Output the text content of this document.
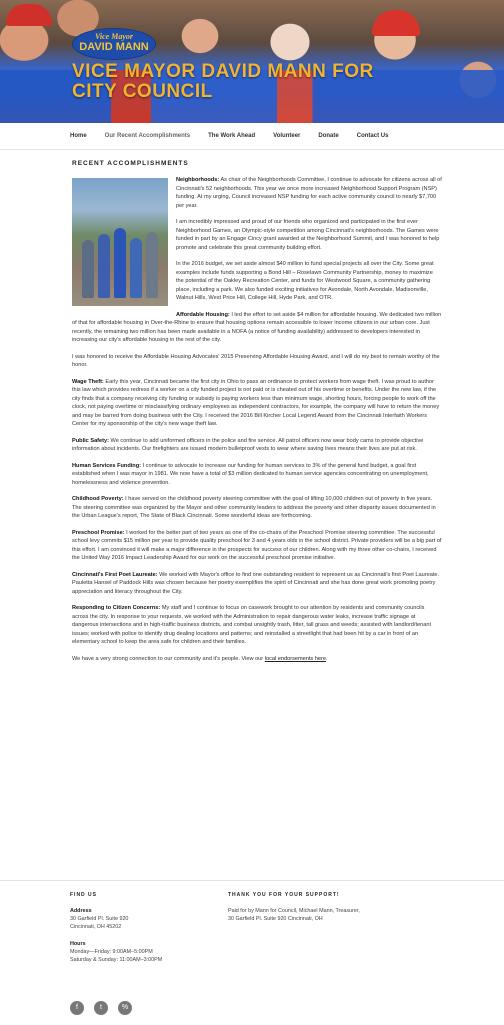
Vice Mayor
DAVID MANN
VICE MAYOR DAVID MANN FOR CITY COUNCIL
Home	Our Recent Accomplishments	The Work Ahead	Volunteer	Donate	Contact Us
RECENT ACCOMPLISHMENTS

Neighborhoods: As chair of the Neighborhoods Committee, I continue to advocate for citizens across all of Cincinnati's 52 neighborhoods. This year we once more increased Neighborhood Support Program (NSP) funding. At my urging, Council increased NSP funding for each active community council to nearly $7,700 per year.

I am incredibly impressed and proud of our friends who organized and participated in the first ever Neighborhood Games, an Olympic-style competition among Cincinnati's neighborhoods. The Games were funded in part by an Engage Cincy grant awarded at the Neighborhood Summit, and I was honored to help promote and celebrate this great community building effort.

In the 2016 budget, we set aside almost $40 million to fund special projects all over the City. Some great examples include funds supporting a Bond Hill – Roselawn Community Partnership, money to maximize the potential of the Oakley Recreation Center, and funds for Westwood Square, a community gathering place, including a park. We also funded exciting initiatives for Avondale, North Avondale, Madisonville, Walnut Hills, West Price Hill, College Hill, Hyde Park, and OTR.

Affordable Housing: I led the effort to set aside $4 million for affordable housing. We dedicated two million of that for affordable housing in Over-the-Rhine to ensure that housing options remain accessible to lower income citizens in our urban core. Just recently, the remaining two million has been made available in a NOFA (a notice of funding availability) addressed to developers interested in increasing our city's affordable housing in the rest of the city.

I was honored to receive the Affordable Housing Advocates' 2015 Preserving Affordable Housing Award, and I will do my best to remain worthy of the honor.

Wage Theft: Early this year, Cincinnati became the first city in Ohio to pass an ordinance to protect workers from wage theft. I was proud to author this law which provides redress if a worker on a city funded project is not paid or is cheated out of his overtime or benefits. Under the new law, if the city finds that a company receiving city funding or subsidy is paying workers less than minimum wage, shorting hours, forcing people to work off the clock, not paying overtime or misclassifying ordinary employees as independent contractors, for example, the company will have to return the money and may be barred from doing business with the City. I received the 2016 Bill Kircher Local Legend Award from the Cincinnati Interfaith Workers Center for my sponsorship of the city's new wage theft law.

Public Safety: We continue to add uniformed officers in the police and fire service. All patrol officers now wear body cams to provide objective information about incidents. Our firefighters are issued modern bulletproof vests to wear where saving lives means their lives are put at risk.

Human Services Funding: I continue to advocate to increase our funding for human services to 3% of the general fund budget, a goal first established when I was mayor in 1981. We now have a total of $3 million dedicated to human service agencies concentrating on unemployment, homelessness and violence prevention.

Childhood Poverty: I have served on the childhood poverty steering committee with the goal of lifting 10,000 children out of poverty in five years. The steering committee was organized by the Mayor and other community leaders to address the poverty and other disparity issues documented in the Urban League's report, The State of Black Cincinnati. Some wonderful ideas are forthcoming.

Preschool Promise: I worked for the better part of two years as one of the co-chairs of the Preschool Promise steering committee. The successful school levy commits $15 million per year to provide quality preschool for 3 and 4 years olds in the school district. Private providers will be a big part of this effort. I am convinced it will make a major difference in the prospects for success of our children. Along with my three other co-chairs, I received the United Way 2016 Impact Leadership Award for our work on the successful preschool promise initiative.

Cincinnati's First Poet Laureate: We worked with Mayor's office to find one outstanding resident to represent us as Cincinnati's first Poet Laureate. Pauletta Hansel of Paddock Hills was chosen because her poetry exemplifies the spirit of Cincinnati and she has done great work promoting poetry appreciation and literacy throughout the City.

Responding to Citizen Concerns: My staff and I continue to focus on casework brought to our attention by residents and community councils across the city. In response to your requests, we worked with the Administration to repair dangerous water leaks, increase traffic signage at dangerous intersections and in high-traffic business districts, and combat unsightly trash, litter, tall grass and weeds; assisted with landlord/tenant issues; worked with police to identify drug dealing locations and patterns; and reinstalled a streetlight that had been hit by a car in front of an elementary school to keep the area safe for children and their families.

We have a very strong connection to our community and it's people. View our local endorsements here.

FIND US
Address
30 Garfield Pl. Suite 920
Cincinnati, OH 45202
Hours
Monday—Friday: 9:00AM–5:00PM
Saturday & Sunday: 11:00AM–3:00PM
THANK YOU FOR YOUR SUPPORT!
Paid for by Mann for Council, Michael Mann, Treasurer,
30 Garfield Pl. Suite 920 Cincinnati, OH
f	t	%
